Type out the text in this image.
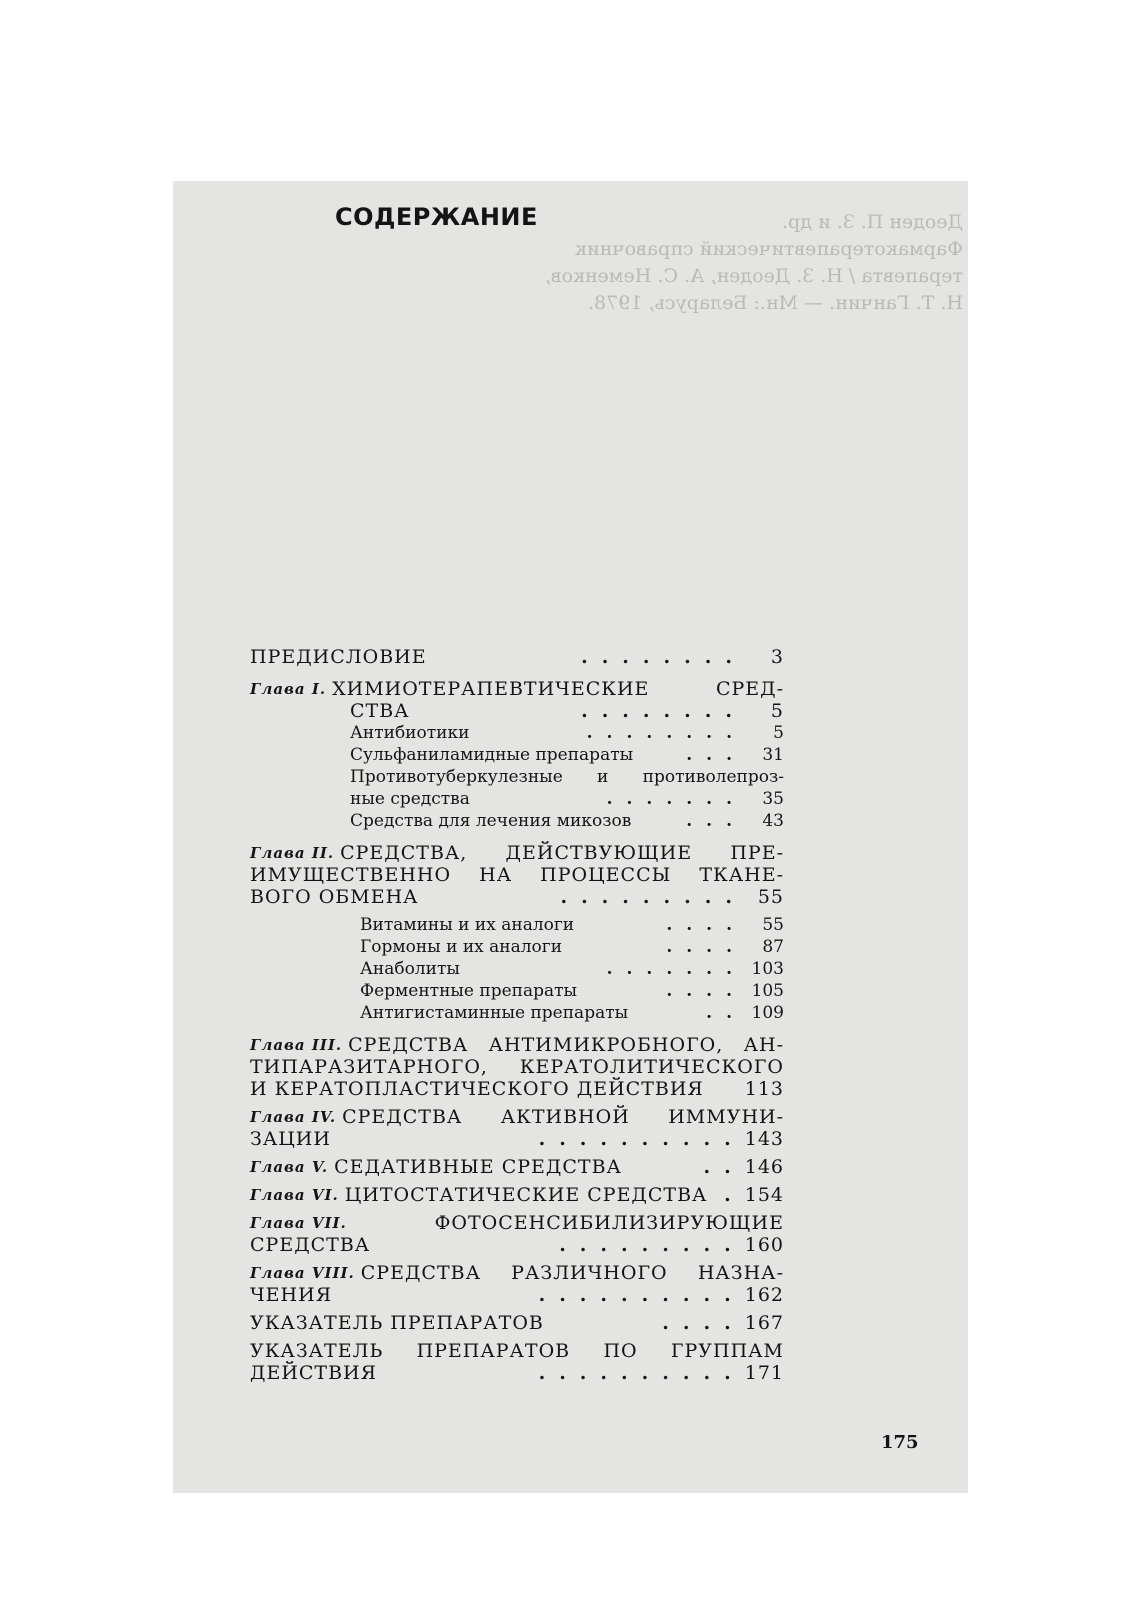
Деоден П. З. и др.
Фармакотерапевтический справочник
терапевта / Н. З. Деоден, А. С. Неменков,
Н. Т. Ганчин. — Мн.: Беларусь, 1978.
СОДЕРЖАНИЕ
ПРЕДИСЛОВИЕ	........	3
Глава I. ХИМИОТЕРАПЕВТИЧЕСКИЕ СРЕД-
СТВА	........	5
Антибиотики	........	5
Сульфаниламидные препараты	... 31
Противотуберкулезные и противолепроз-
ные средства	....... 35
Средства для лечения микозов	... 43
Глава II. СРЕДСТВА, ДЕЙСТВУЮЩИЕ ПРЕ-
ИМУЩЕСТВЕННО НА ПРОЦЕССЫ ТКАНЕ-
ВОГО ОБМЕНА	......... 55
Витамины и их аналоги	.... 55
Гормоны и их аналоги	.... 87
Анаболиты	....... 103
Ферментные препараты	.... 105
Антигистаминные препараты	.. 109
Глава III. СРЕДСТВА АНТИМИКРОБНОГО, АН-
ТИПАРАЗИТАРНОГО, КЕРАТОЛИТИЧЕСКОГО
И КЕРАТОПЛАСТИЧЕСКОГО ДЕЙСТВИЯ	113
Глава IV. СРЕДСТВА АКТИВНОЙ ИММУНИ-
ЗАЦИИ	.......... 143
Глава V. СЕДАТИВНЫЕ СРЕДСТВА	.. 146
Глава VI. ЦИТОСТАТИЧЕСКИЕ СРЕДСТВА . 154
Глава VII.	ФОТОСЕНСИБИЛИЗИРУЮЩИЕ
СРЕДСТВА	......... 160
Глава VIII. СРЕДСТВА РАЗЛИЧНОГО НАЗНА-
ЧЕНИЯ	.......... 162
УКАЗАТЕЛЬ ПРЕПАРАТОВ	.... 167
УКАЗАТЕЛЬ ПРЕПАРАТОВ ПО ГРУППАМ
ДЕЙСТВИЯ	.......... 171
175
